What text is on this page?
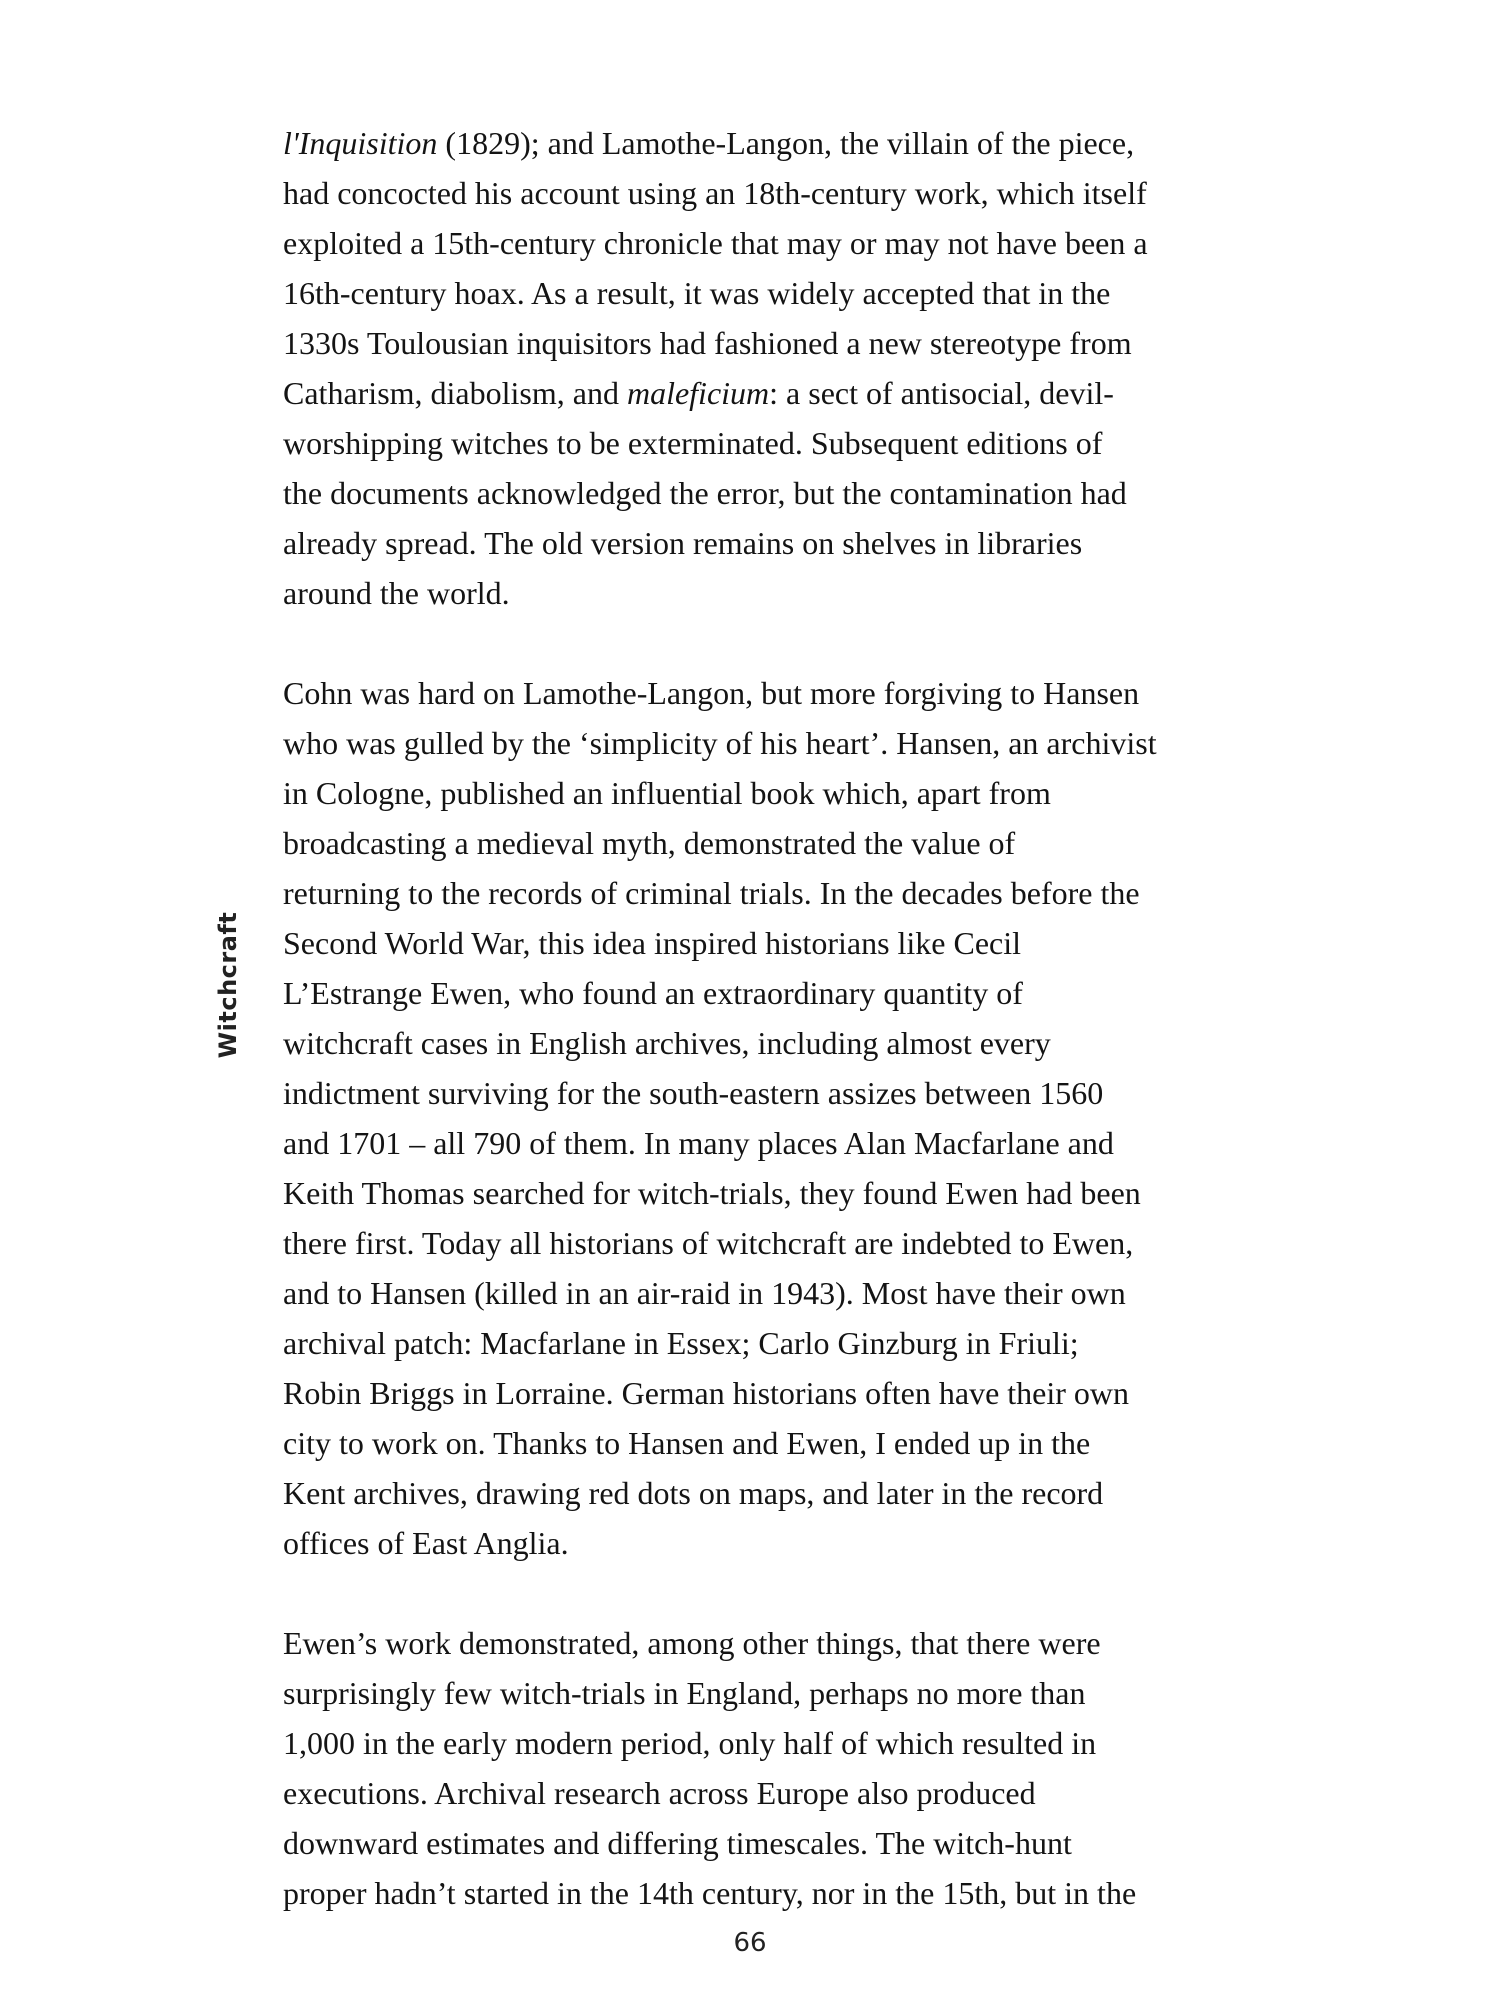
Witchcraft

l'Inquisition (1829); and Lamothe-Langon, the villain of the piece,
had concocted his account using an 18th-century work, which itself
exploited a 15th-century chronicle that may or may not have been a
16th-century hoax. As a result, it was widely accepted that in the
1330s Toulousian inquisitors had fashioned a new stereotype from
Catharism, diabolism, and maleficium: a sect of antisocial, devil-
worshipping witches to be exterminated. Subsequent editions of
the documents acknowledged the error, but the contamination had
already spread. The old version remains on shelves in libraries
around the world.

Cohn was hard on Lamothe-Langon, but more forgiving to Hansen
who was gulled by the ‘simplicity of his heart’. Hansen, an archivist
in Cologne, published an influential book which, apart from
broadcasting a medieval myth, demonstrated the value of
returning to the records of criminal trials. In the decades before the
Second World War, this idea inspired historians like Cecil
L’Estrange Ewen, who found an extraordinary quantity of
witchcraft cases in English archives, including almost every
indictment surviving for the south-eastern assizes between 1560
and 1701 – all 790 of them. In many places Alan Macfarlane and
Keith Thomas searched for witch-trials, they found Ewen had been
there first. Today all historians of witchcraft are indebted to Ewen,
and to Hansen (killed in an air-raid in 1943). Most have their own
archival patch: Macfarlane in Essex; Carlo Ginzburg in Friuli;
Robin Briggs in Lorraine. German historians often have their own
city to work on. Thanks to Hansen and Ewen, I ended up in the
Kent archives, drawing red dots on maps, and later in the record
offices of East Anglia.

Ewen’s work demonstrated, among other things, that there were
surprisingly few witch-trials in England, perhaps no more than
1,000 in the early modern period, only half of which resulted in
executions. Archival research across Europe also produced
downward estimates and differing timescales. The witch-hunt
proper hadn’t started in the 14th century, nor in the 15th, but in the

66
